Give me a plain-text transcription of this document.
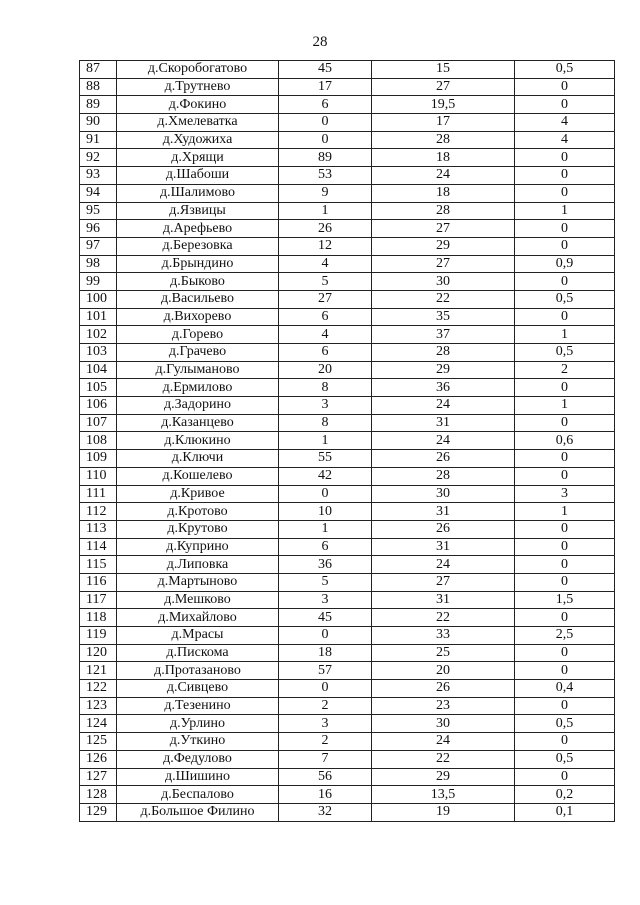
28
87	д.Скоробогатово	45	15	0,5
88	д.Трутнево	17	27	0
89	д.Фокино	6	19,5	0
90	д.Хмелеватка	0	17	4
91	д.Художиха	0	28	4
92	д.Хрящи	89	18	0
93	д.Шабоши	53	24	0
94	д.Шалимово	9	18	0
95	д.Язвицы	1	28	1
96	д.Арефьево	26	27	0
97	д.Березовка	12	29	0
98	д.Брындино	4	27	0,9
99	д.Быково	5	30	0
100	д.Васильево	27	22	0,5
101	д.Вихорево	6	35	0
102	д.Горево	4	37	1
103	д.Грачево	6	28	0,5
104	д.Гулыманово	20	29	2
105	д.Ермилово	8	36	0
106	д.Задорино	3	24	1
107	д.Казанцево	8	31	0
108	д.Клюкино	1	24	0,6
109	д.Ключи	55	26	0
110	д.Кошелево	42	28	0
111	д.Кривое	0	30	3
112	д.Кротово	10	31	1
113	д.Крутово	1	26	0
114	д.Куприно	6	31	0
115	д.Липовка	36	24	0
116	д.Мартыново	5	27	0
117	д.Мешково	3	31	1,5
118	д.Михайлово	45	22	0
119	д.Мрасы	0	33	2,5
120	д.Пискома	18	25	0
121	д.Протазаново	57	20	0
122	д.Сивцево	0	26	0,4
123	д.Тезенино	2	23	0
124	д.Урлино	3	30	0,5
125	д.Уткино	2	24	0
126	д.Федулово	7	22	0,5
127	д.Шишино	56	29	0
128	д.Беспалово	16	13,5	0,2
129	д.Большое Филино	32	19	0,1
